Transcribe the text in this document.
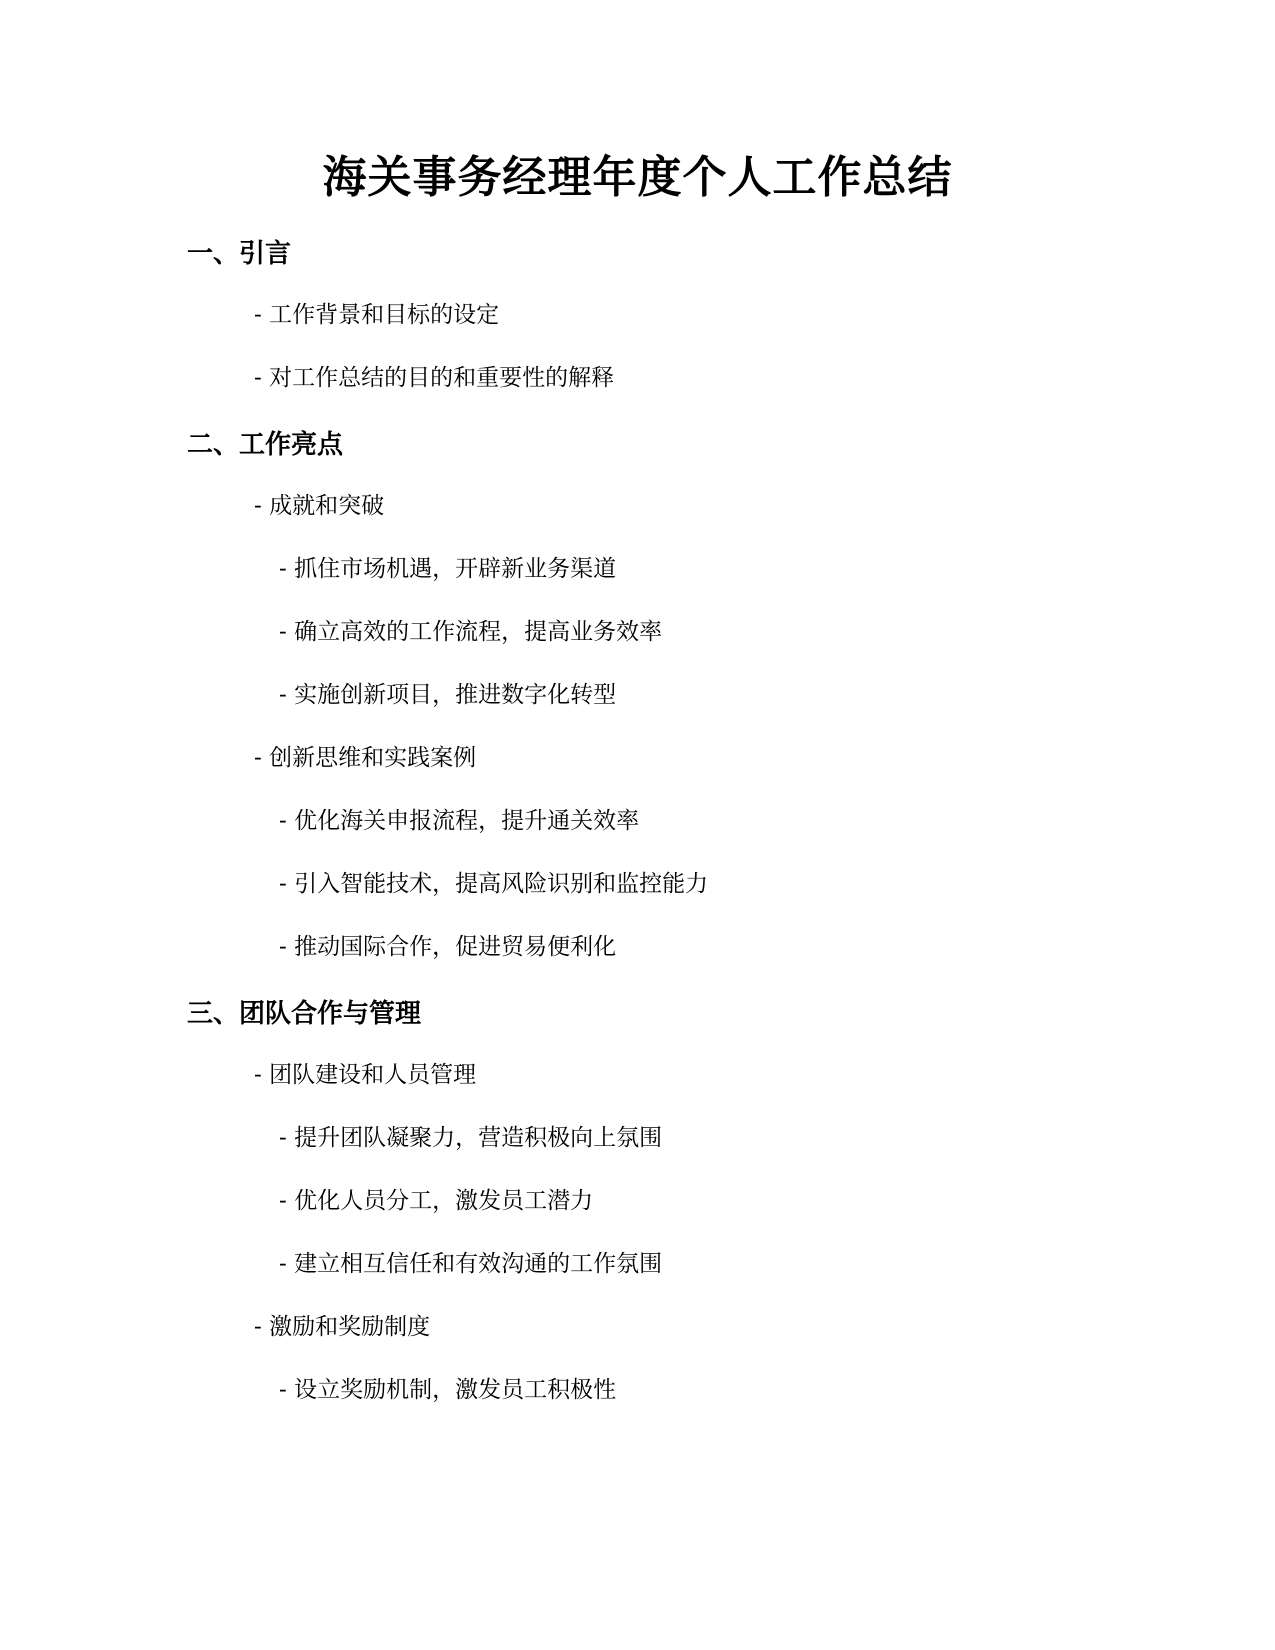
海关事务经理年度个人工作总结
一、引言

- 工作背景和目标的设定

- 对工作总结的目的和重要性的解释

二、工作亮点

- 成就和突破

- 抓住市场机遇，开辟新业务渠道

- 确立高效的工作流程，提高业务效率

- 实施创新项目，推进数字化转型

- 创新思维和实践案例

- 优化海关申报流程，提升通关效率

- 引入智能技术，提高风险识别和监控能力

- 推动国际合作，促进贸易便利化

三、团队合作与管理

- 团队建设和人员管理

- 提升团队凝聚力，营造积极向上氛围

- 优化人员分工，激发员工潜力

- 建立相互信任和有效沟通的工作氛围

- 激励和奖励制度

- 设立奖励机制，激发员工积极性
